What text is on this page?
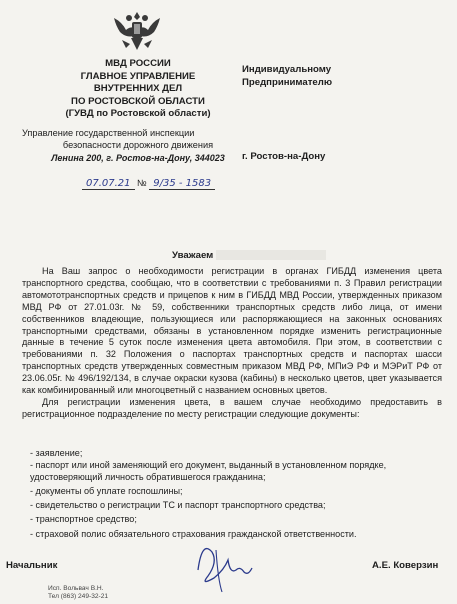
МВД РОССИИ
ГЛАВНОЕ УПРАВЛЕНИЕ
ВНУТРЕННИХ ДЕЛ
ПО РОСТОВСКОЙ ОБЛАСТИ
(ГУВД по Ростовской области)
Управление государственной инспекции
безопасности дорожного движения
Ленина 200, г. Ростов-на-Дону, 344023
07.07.21 № 9/35 - 1583
Индивидуальному
Предпринимателю
г. Ростов-на-Дону
Уважаем

На Ваш запрос о необходимости регистрации в органах ГИБДД изменения цвета транспортного средства, сообщаю, что в соответствии с требованиями п. 3 Правил регистрации автомототранспортных средств и прицепов к ним в ГИБДД МВД России, утвержденных приказом МВД РФ от 27.01.03г. № 59, собственники транспортных средств либо лица, от имени собственников владеющие, пользующиеся или распоряжающиеся на законных основаниях транспортными средствами, обязаны в установленном порядке изменить регистрационные данные в течение 5 суток после изменения цвета автомобиля. При этом, в соответствии с требованиями п. 32 Положения о паспортах транспортных средств и паспортах шасси транспортных средств утвержденных совместным приказом МВД РФ, МПиЭ РФ и МЭРиТ РФ от 23.06.05г. № 496/192/134, в случае окраски кузова (кабины) в несколько цветов, цвет указывается как комбинированный или многоцветный с названием основных цветов.

Для регистрации изменения цвета, в вашем случае необходимо предоставить в регистрационное подразделение по месту регистрации следующие документы:

- заявление;
- паспорт или иной заменяющий его документ, выданный в установленном порядке, удостоверяющий личность обратившегося гражданина;
- документы об уплате госпошлины;
- свидетельство о регистрации ТС и паспорт транспортного средства;
- транспортное средство;
- страховой полис обязательного страхования гражданской ответственности.
Начальник	А.Е. Коверзин
Исп. Вольвач В.Н.
Тел (863) 249-32-21
